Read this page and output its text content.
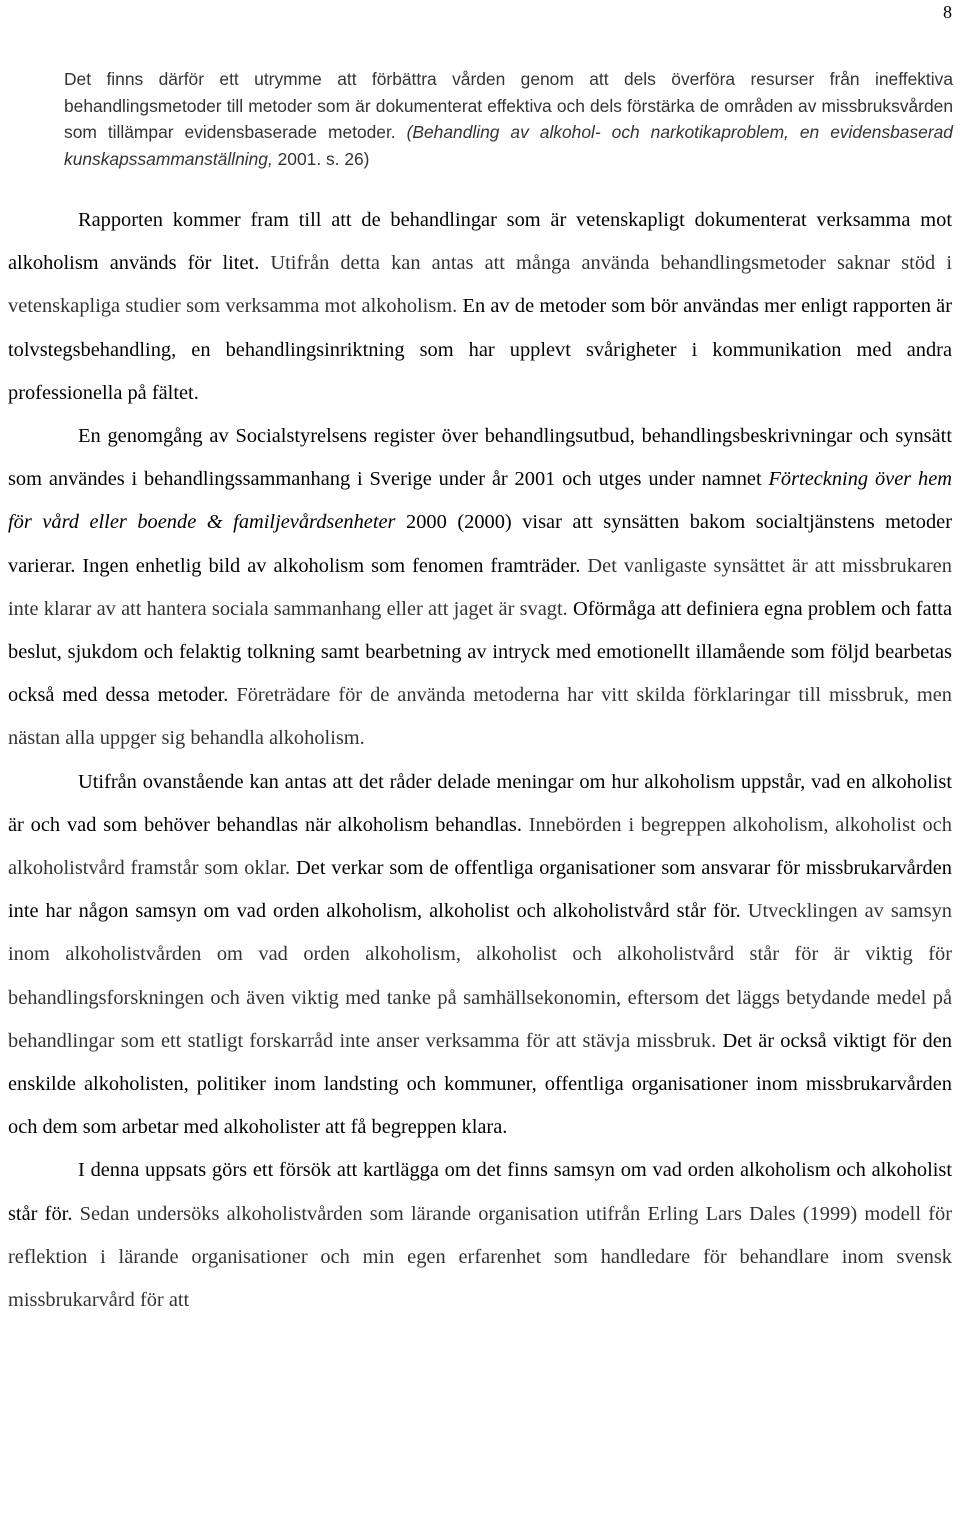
8
Det finns därför ett utrymme att förbättra vården genom att dels överföra resurser från ineffektiva behandlingsmetoder till metoder som är dokumenterat effektiva och dels förstärka de områden av missbruksvården som tillämpar evidensbaserade metoder. (Behandling av alkohol- och narkotikaproblem, en evidensbaserad kunskapssammanställning, 2001. s. 26)

Rapporten kommer fram till att de behandlingar som är vetenskapligt dokumenterat verksamma mot alkoholism används för litet. Utifrån detta kan antas att många använda behandlingsmetoder saknar stöd i vetenskapliga studier som verksamma mot alkoholism. En av de metoder som bör användas mer enligt rapporten är tolvstegsbehandling, en behandlingsinriktning som har upplevt svårigheter i kommunikation med andra professionella på fältet.

En genomgång av Socialstyrelsens register över behandlingsutbud, behandlingsbeskrivningar och synsätt som användes i behandlingssammanhang i Sverige under år 2001 och utges under namnet Förteckning över hem för vård eller boende & familjevårdsenheter 2000 (2000) visar att synsätten bakom socialtjänstens metoder varierar. Ingen enhetlig bild av alkoholism som fenomen framträder. Det vanligaste synsättet är att missbrukaren inte klarar av att hantera sociala sammanhang eller att jaget är svagt. Oförmåga att definiera egna problem och fatta beslut, sjukdom och felaktig tolkning samt bearbetning av intryck med emotionellt illamående som följd bearbetas också med dessa metoder. Företrädare för de använda metoderna har vitt skilda förklaringar till missbruk, men nästan alla uppger sig behandla alkoholism.

Utifrån ovanstående kan antas att det råder delade meningar om hur alkoholism uppstår, vad en alkoholist är och vad som behöver behandlas när alkoholism behandlas. Innebörden i begreppen alkoholism, alkoholist och alkoholistvård framstår som oklar. Det verkar som de offentliga organisationer som ansvarar för missbrukarvården inte har någon samsyn om vad orden alkoholism, alkoholist och alkoholistvård står för. Utvecklingen av samsyn inom alkoholistvården om vad orden alkoholism, alkoholist och alkoholistvård står för är viktig för behandlingsforskningen och även viktig med tanke på samhällsekonomin, eftersom det läggs betydande medel på behandlingar som ett statligt forskarråd inte anser verksamma för att stävja missbruk. Det är också viktigt för den enskilde alkoholisten, politiker inom landsting och kommuner, offentliga organisationer inom missbrukarvården och dem som arbetar med alkoholister att få begreppen klara.

I denna uppsats görs ett försök att kartlägga om det finns samsyn om vad orden alkoholism och alkoholist står för. Sedan undersöks alkoholistvården som lärande organisation utifrån Erling Lars Dales (1999) modell för reflektion i lärande organisationer och min egen erfarenhet som handledare för behandlare inom svensk missbrukarvård för att
